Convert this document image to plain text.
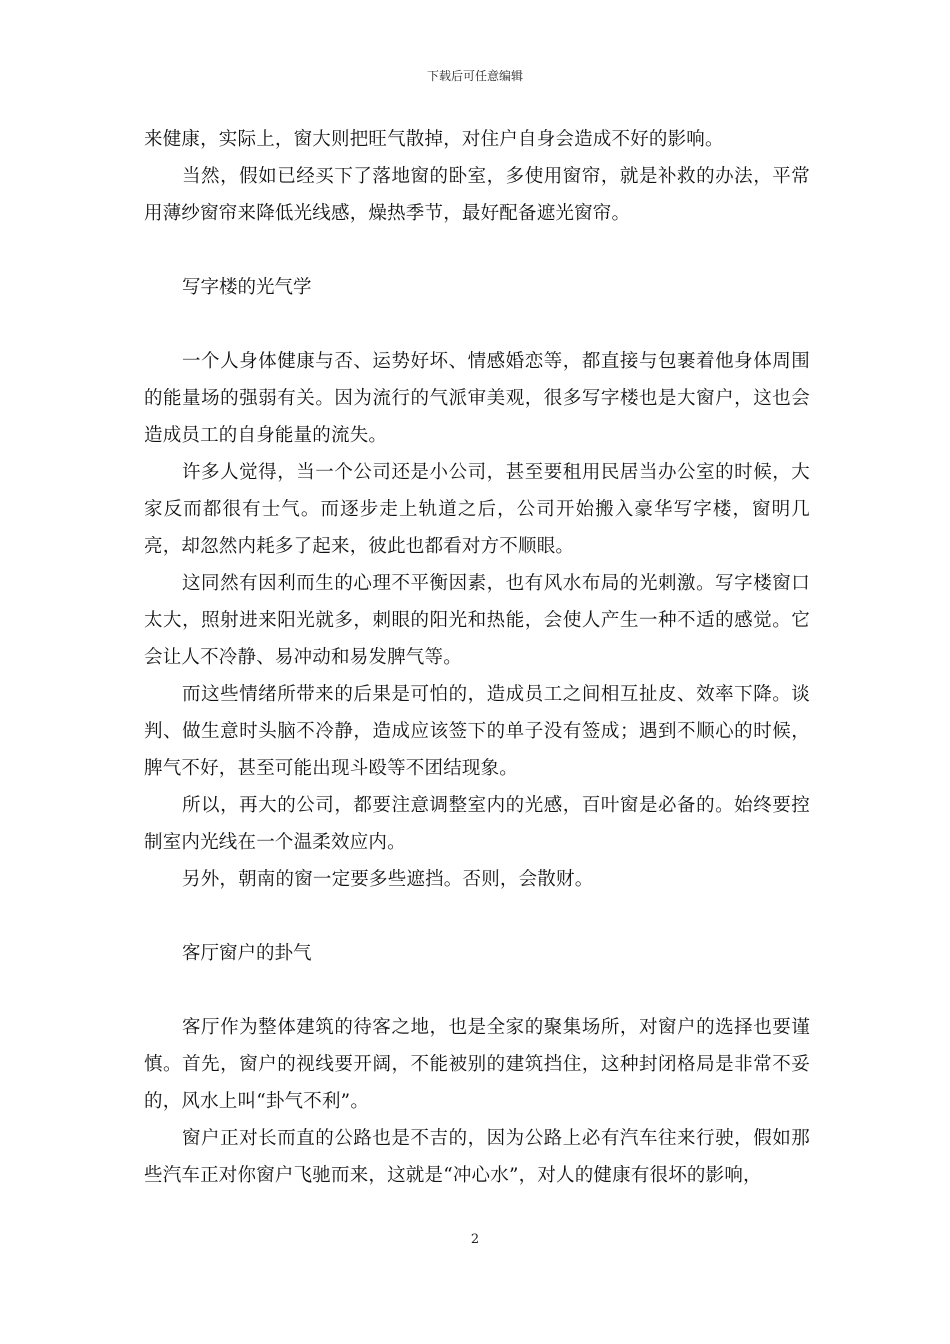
下载后可任意编辑

来健康，实际上，窗大则把旺气散掉，对住户自身会造成不好的影响。

当然，假如已经买下了落地窗的卧室，多使用窗帘，就是补救的办法，平常用薄纱窗帘来降低光线感，燥热季节，最好配备遮光窗帘。

写字楼的光气学

一个人身体健康与否、运势好坏、情感婚恋等，都直接与包裹着他身体周围的能量场的强弱有关。因为流行的气派审美观，很多写字楼也是大窗户，这也会造成员工的自身能量的流失。

许多人觉得，当一个公司还是小公司，甚至要租用民居当办公室的时候，大家反而都很有士气。而逐步走上轨道之后，公司开始搬入豪华写字楼，窗明几亮，却忽然内耗多了起来，彼此也都看对方不顺眼。

这同然有因利而生的心理不平衡因素，也有风水布局的光刺激。写字楼窗口太大，照射进来阳光就多，刺眼的阳光和热能，会使人产生一种不适的感觉。它会让人不冷静、易冲动和易发脾气等。

而这些情绪所带来的后果是可怕的，造成员工之间相互扯皮、效率下降。谈判、做生意时头脑不冷静，造成应该签下的单子没有签成；遇到不顺心的时候，脾气不好，甚至可能出现斗殴等不团结现象。

所以，再大的公司，都要注意调整室内的光感，百叶窗是必备的。始终要控制室内光线在一个温柔效应内。

另外，朝南的窗一定要多些遮挡。否则，会散财。

客厅窗户的卦气

客厅作为整体建筑的待客之地，也是全家的聚集场所，对窗户的选择也要谨慎。首先，窗户的视线要开阔，不能被别的建筑挡住，这种封闭格局是非常不妥的，风水上叫“卦气不利”。

窗户正对长而直的公路也是不吉的，因为公路上必有汽车往来行驶，假如那些汽车正对你窗户飞驰而来，这就是“冲心水”，对人的健康有很坏的影响，

2
